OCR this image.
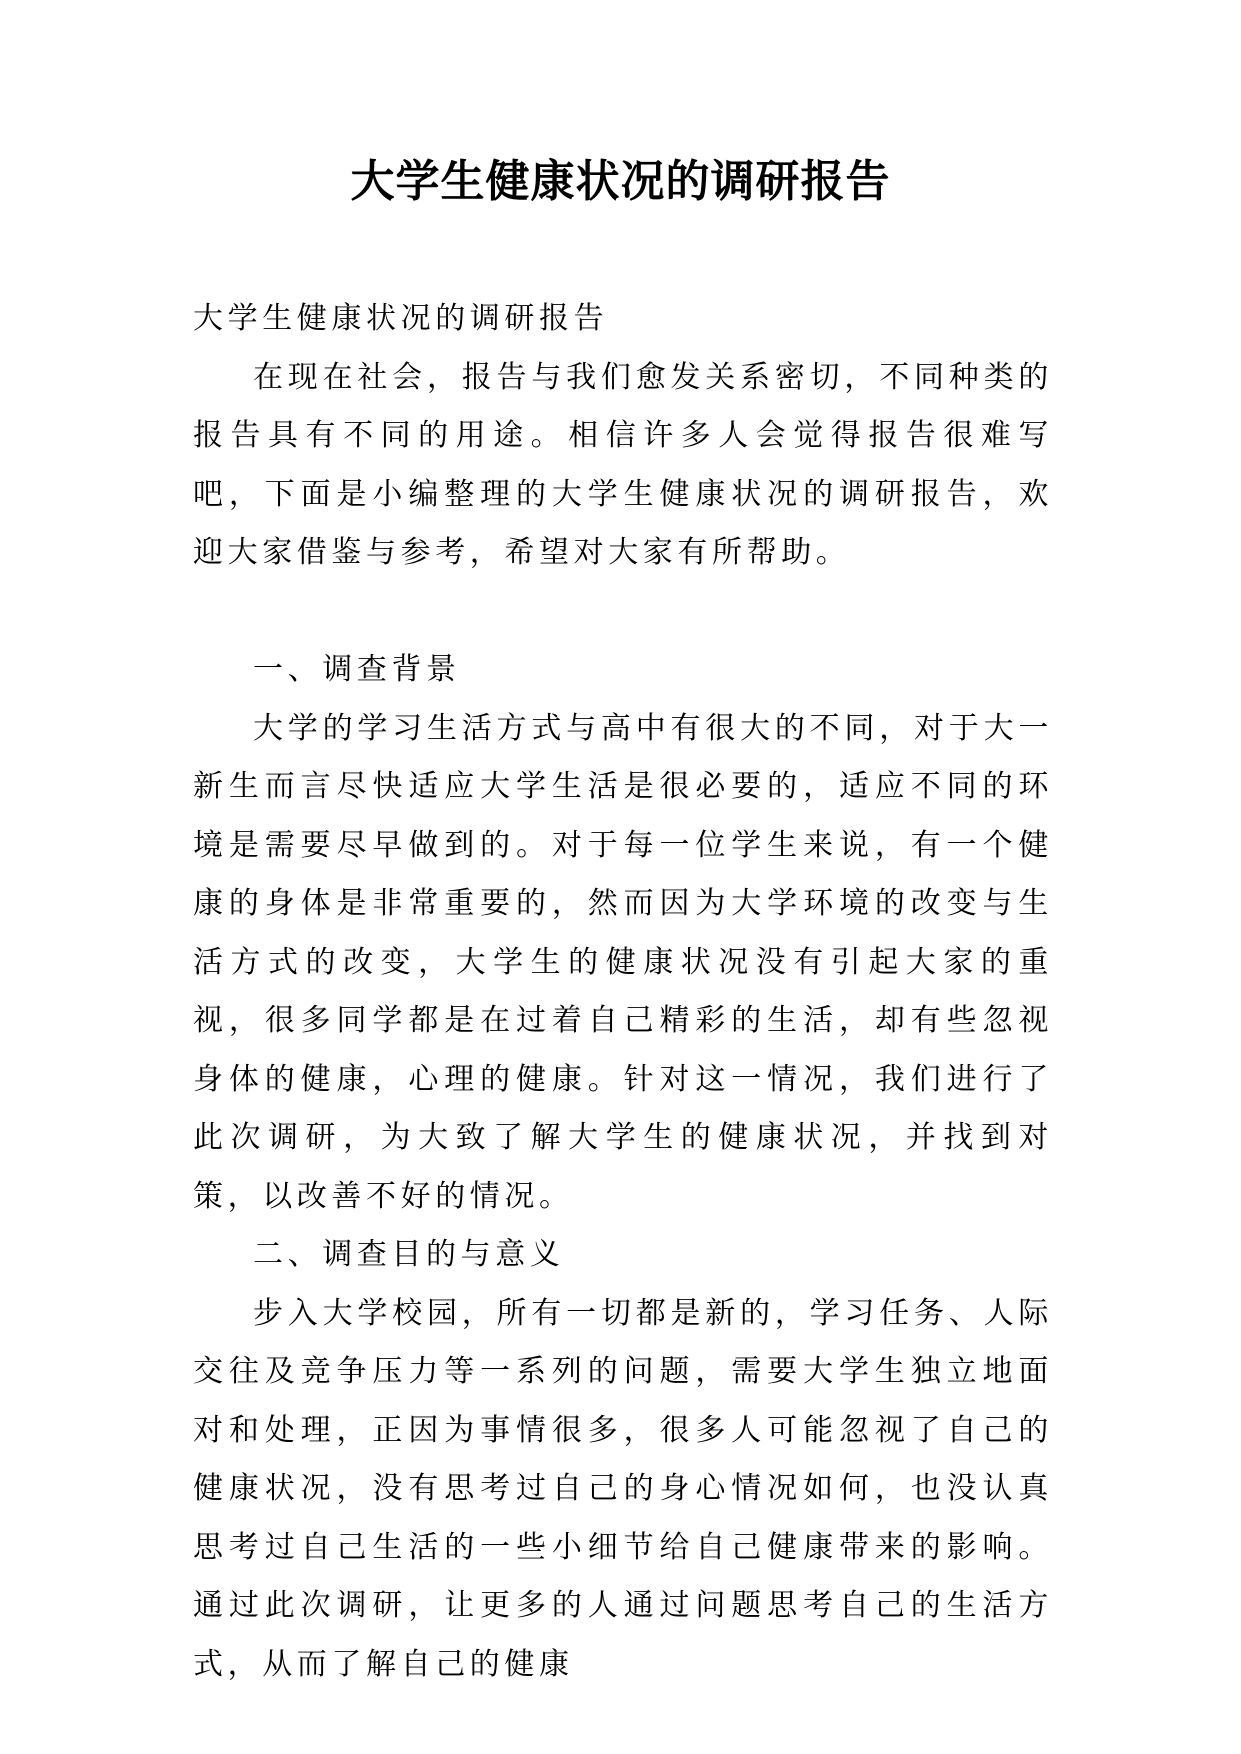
大学生健康状况的调研报告

大学生健康状况的调研报告

在现在社会，报告与我们愈发关系密切，不同种类的报告具有不同的用途。相信许多人会觉得报告很难写吧，下面是小编整理的大学生健康状况的调研报告，欢迎大家借鉴与参考，希望对大家有所帮助。

一、调查背景

大学的学习生活方式与高中有很大的不同，对于大一新生而言尽快适应大学生活是很必要的，适应不同的环境是需要尽早做到的。对于每一位学生来说，有一个健康的身体是非常重要的，然而因为大学环境的改变与生活方式的改变，大学生的健康状况没有引起大家的重视，很多同学都是在过着自己精彩的生活，却有些忽视身体的健康，心理的健康。针对这一情况，我们进行了此次调研，为大致了解大学生的健康状况，并找到对策，以改善不好的情况。

二、调查目的与意义

步入大学校园，所有一切都是新的，学习任务、人际交往及竞争压力等一系列的问题，需要大学生独立地面对和处理，正因为事情很多，很多人可能忽视了自己的健康状况，没有思考过自己的身心情况如何，也没认真思考过自己生活的一些小细节给自己健康带来的影响。通过此次调研，让更多的人通过问题思考自己的生活方式，从而了解自己的健康
